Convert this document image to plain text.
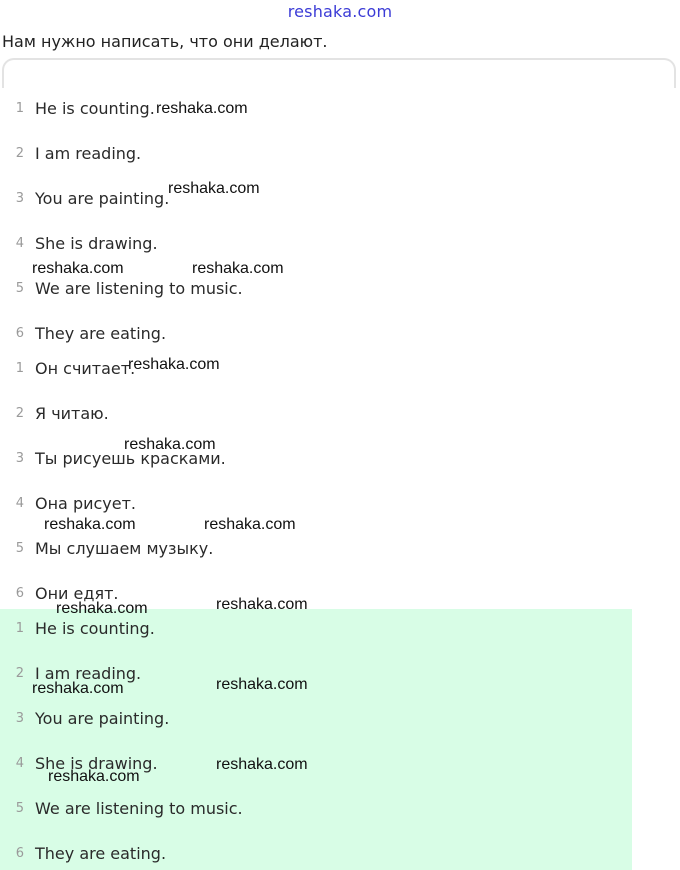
reshaka.com
Нам нужно написать, что они делают.
1 He is counting.
2 I am reading.
3 You are painting.
4 She is drawing.
5 We are listening to music.
6 They are eating.
1 Он считает.
2 Я читаю.
3 Ты рисуешь красками.
4 Она рисует.
5 Мы слушаем музыку.
6 Они едят.
1 He is counting.
2 I am reading.
3 You are painting.
4 She is drawing.
5 We are listening to music.
6 They are eating.
reshaka.com
reshaka.com
reshaka.com	reshaka.com
reshaka.com
reshaka.com
reshaka.com	reshaka.com
reshaka.com	reshaka.com
reshaka.com	reshaka.com
reshaka.com
reshaka.com
